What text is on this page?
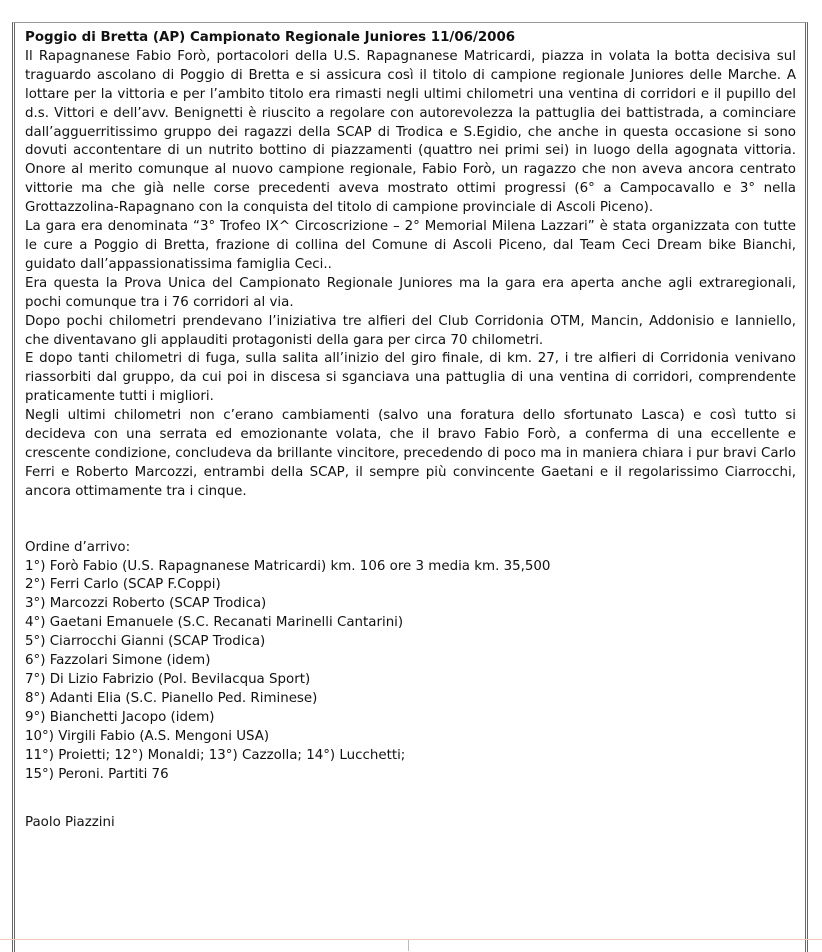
Poggio di Bretta (AP) Campionato Regionale Juniores 11/06/2006

Il Rapagnanese Fabio Forò, portacolori della U.S. Rapagnanese Matricardi, piazza in volata la botta decisiva sul traguardo ascolano di Poggio di Bretta e si assicura così il titolo di campione regionale Juniores delle Marche. A lottare per la vittoria e per l’ambito titolo era rimasti negli ultimi chilometri una ventina di corridori e il pupillo del d.s. Vittori e dell’avv. Benignetti è riuscito a regolare con autorevolezza la pattuglia dei battistrada, a cominciare dall’agguerritissimo gruppo dei ragazzi della SCAP di Trodica e S.Egidio, che anche in questa occasione si sono dovuti accontentare di un nutrito bottino di piazzamenti (quattro nei primi sei) in luogo della agognata vittoria. Onore al merito comunque al nuovo campione regionale, Fabio Forò, un ragazzo che non aveva ancora centrato vittorie ma che già nelle corse precedenti aveva mostrato ottimi progressi (6° a Campocavallo e 3° nella Grottazzolina-Rapagnano con la conquista del titolo di campione provinciale di Ascoli Piceno).

La gara era denominata “3° Trofeo IX^ Circoscrizione – 2° Memorial Milena Lazzari” è stata organizzata con tutte le cure a Poggio di Bretta, frazione di collina del Comune di Ascoli Piceno, dal Team Ceci Dream bike Bianchi, guidato dall’appassionatissima famiglia Ceci..

Era questa la Prova Unica del Campionato Regionale Juniores ma la gara era aperta anche agli extraregionali, pochi comunque tra i 76 corridori al via.

Dopo pochi chilometri prendevano l’iniziativa tre alfieri del Club Corridonia OTM, Mancin, Addonisio e Ianniello, che diventavano gli applauditi protagonisti della gara per circa 70 chilometri.

E dopo tanti chilometri di fuga, sulla salita all’inizio del giro finale, di km. 27, i tre alfieri di Corridonia venivano riassorbiti dal gruppo, da cui poi in discesa si sganciava una pattuglia di una ventina di corridori, comprendente praticamente tutti i migliori.

Negli ultimi chilometri non c’erano cambiamenti (salvo una foratura dello sfortunato Lasca) e così tutto si decideva con una serrata ed emozionante volata, che il bravo Fabio Forò, a conferma di una eccellente e crescente condizione, concludeva da brillante vincitore, precedendo di poco ma in maniera chiara i pur bravi Carlo Ferri e Roberto Marcozzi, entrambi della SCAP, il sempre più convincente Gaetani e il regolarissimo Ciarrocchi, ancora ottimamente tra i cinque.

Ordine d’arrivo:

1°) Forò Fabio (U.S. Rapagnanese Matricardi) km. 106 ore 3 media km. 35,500

2°) Ferri Carlo (SCAP F.Coppi)

3°) Marcozzi Roberto (SCAP Trodica)

4°) Gaetani Emanuele (S.C. Recanati Marinelli Cantarini)

5°) Ciarrocchi Gianni (SCAP Trodica)

6°) Fazzolari Simone (idem)

7°) Di Lizio Fabrizio (Pol. Bevilacqua Sport)

8°) Adanti Elia (S.C. Pianello Ped. Riminese)

9°) Bianchetti Jacopo (idem)

10°) Virgili Fabio (A.S. Mengoni USA)

11°) Proietti; 12°) Monaldi; 13°) Cazzolla; 14°) Lucchetti;

15°) Peroni. Partiti 76

Paolo Piazzini
